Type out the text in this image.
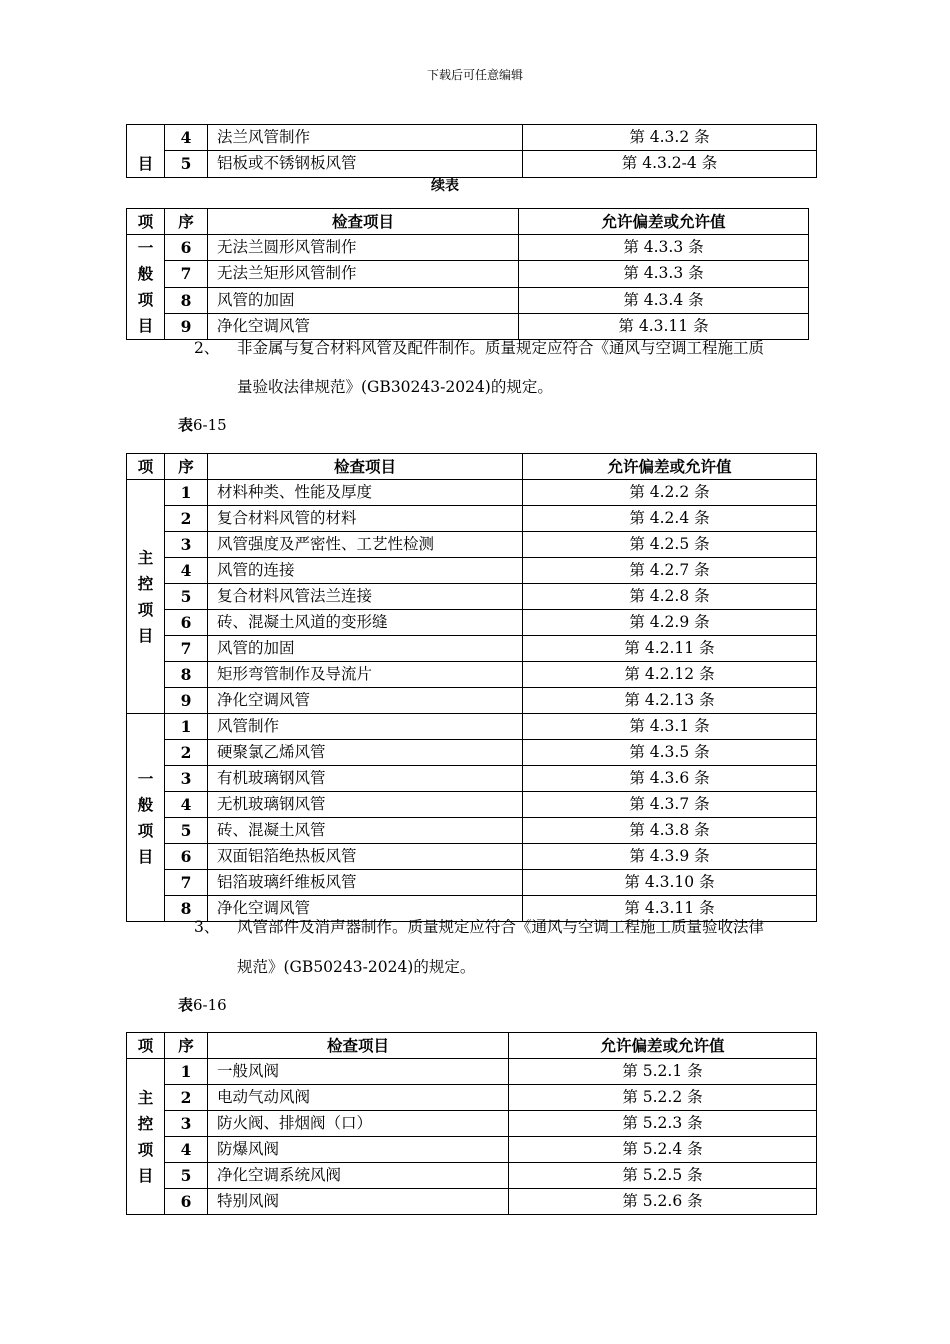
下载后可任意编辑
	4	法兰风管制作	第 4.3.2 条
目	5	铝板或不锈钢板风管	第 4.3.2-4 条
续表
项	序	检查项目	允许偏差或允许值

一般项目	6	无法兰圆形风管制作	第 4.3.3 条
	7	无法兰矩形风管制作	第 4.3.3 条
	8	风管的加固	第 4.3.4 条
	9	净化空调风管	第 4.3.11 条
2、 非金属与复合材料风管及配件制作。质量规定应符合《通风与空调工程施工质
量验收法律规范》(GB30243-2024)的规定。
表6-15
项	序	检查项目	允许偏差或允许值

主控项目	1	材料种类、性能及厚度	第 4.2.2 条
	2	复合材料风管的材料	第 4.2.4 条
	3	风管强度及严密性、工艺性检测	第 4.2.5 条
	4	风管的连接	第 4.2.7 条
	5	复合材料风管法兰连接	第 4.2.8 条
	6	砖、混凝土风道的变形缝	第 4.2.9 条
	7	风管的加固	第 4.2.11 条
	8	矩形弯管制作及导流片	第 4.2.12 条
	9	净化空调风管	第 4.2.13 条

一般项目	1	风管制作	第 4.3.1 条
	2	硬聚氯乙烯风管	第 4.3.5 条
	3	有机玻璃钢风管	第 4.3.6 条
	4	无机玻璃钢风管	第 4.3.7 条
	5	砖、混凝土风管	第 4.3.8 条
	6	双面铝箔绝热板风管	第 4.3.9 条
	7	铝箔玻璃纤维板风管	第 4.3.10 条
	8	净化空调风管	第 4.3.11 条
3、 风管部件及消声器制作。质量规定应符合《通风与空调工程施工质量验收法律
规范》(GB50243-2024)的规定。
表6-16
项	序	检查项目	允许偏差或允许值

主控项目	1	一般风阀	第 5.2.1 条
	2	电动气动风阀	第 5.2.2 条
	3	防火阀、排烟阀（口）	第 5.2.3 条
	4	防爆风阀	第 5.2.4 条
	5	净化空调系统风阀	第 5.2.5 条
	6	特别风阀	第 5.2.6 条
